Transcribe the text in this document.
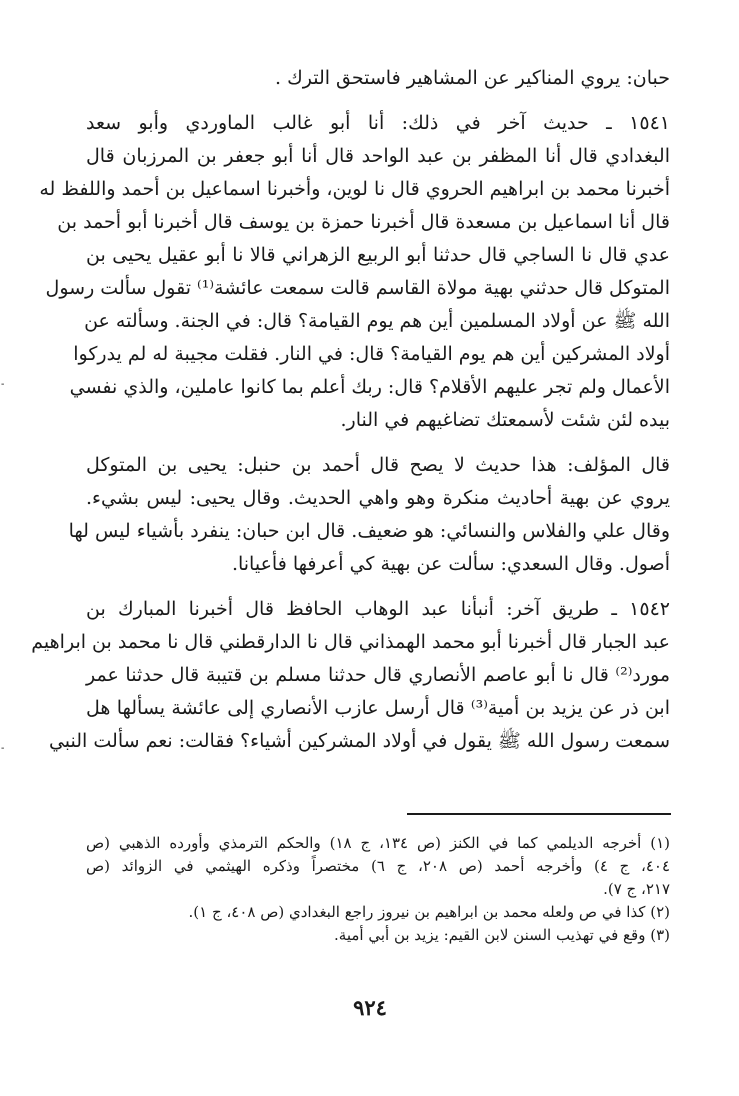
حبان: يروي المناكير عن المشاهير فاستحق الترك .
١٥٤١ ـ حديث آخر في ذلك: أنا أبو غالب الماوردي وأبو سعد
البغدادي قال أنا المظفر بن عبد الواحد قال أنا أبو جعفر بن المرزبان قال
أخبرنا محمد بن ابراهيم الحروي قال نا لوين، وأخبرنا اسماعيل بن أحمد واللفظ له
قال أنا اسماعيل بن مسعدة قال أخبرنا حمزة بن يوسف قال أخبرنا أبو أحمد بن
عدي قال نا الساجي قال حدثنا أبو الربيع الزهراني قالا نا أبو عقيل يحيى بن
المتوكل قال حدثني بهية مولاة القاسم قالت سمعت عائشة⁽¹⁾ تقول سألت رسول
الله ﷺ عن أولاد المسلمين أين هم يوم القيامة؟ قال: في الجنة. وسألته عن
أولاد المشركين أين هم يوم القيامة؟ قال: في النار. فقلت مجيبة له لم يدركوا
الأعمال ولم تجر عليهم الأقلام؟ قال: ربك أعلم بما كانوا عاملين، والذي نفسي
بيده لئن شئت لأسمعتك تضاغيهم في النار.
قال المؤلف: هذا حديث لا يصح قال أحمد بن حنبل: يحيى بن المتوكل
يروي عن بهية أحاديث منكرة وهو واهي الحديث. وقال يحيى: ليس بشيء.
وقال علي والفلاس والنسائي: هو ضعيف. قال ابن حبان: ينفرد بأشياء ليس لها
أصول. وقال السعدي: سألت عن بهية كي أعرفها فأعيانا.
١٥٤٢ ـ طريق آخر: أنبأنا عبد الوهاب الحافظ قال أخبرنا المبارك بن
عبد الجبار قال أخبرنا أبو محمد الهمذاني قال نا الدارقطني قال نا محمد بن ابراهيم
مورد⁽²⁾ قال نا أبو عاصم الأنصاري قال حدثنا مسلم بن قتيبة قال حدثنا عمر
ابن ذر عن يزيد بن أمية⁽³⁾ قال أرسل عازب الأنصاري إلى عائشة يسألها هل
سمعت رسول الله ﷺ يقول في أولاد المشركين أشياء؟ فقالت: نعم سألت النبي
(١) أخرجه الديلمي كما في الكنز (ص ١٣٤، ج ١٨) والحكم الترمذي وأورده الذهبي (ص
٤٠٤، ج ٤) وأخرجه أحمد (ص ٢٠٨، ج ٦) مختصراً وذكره الهيثمي في الزوائد (ص
٢١٧، ج ٧).
(٢) كذا في ص ولعله محمد بن ابراهيم بن نيروز راجع البغدادي (ص ٤٠٨، ج ١).
(٣) وقع في تهذيب السنن لابن القيم: يزيد بن أبي أمية.
٩٢٤
-
-
